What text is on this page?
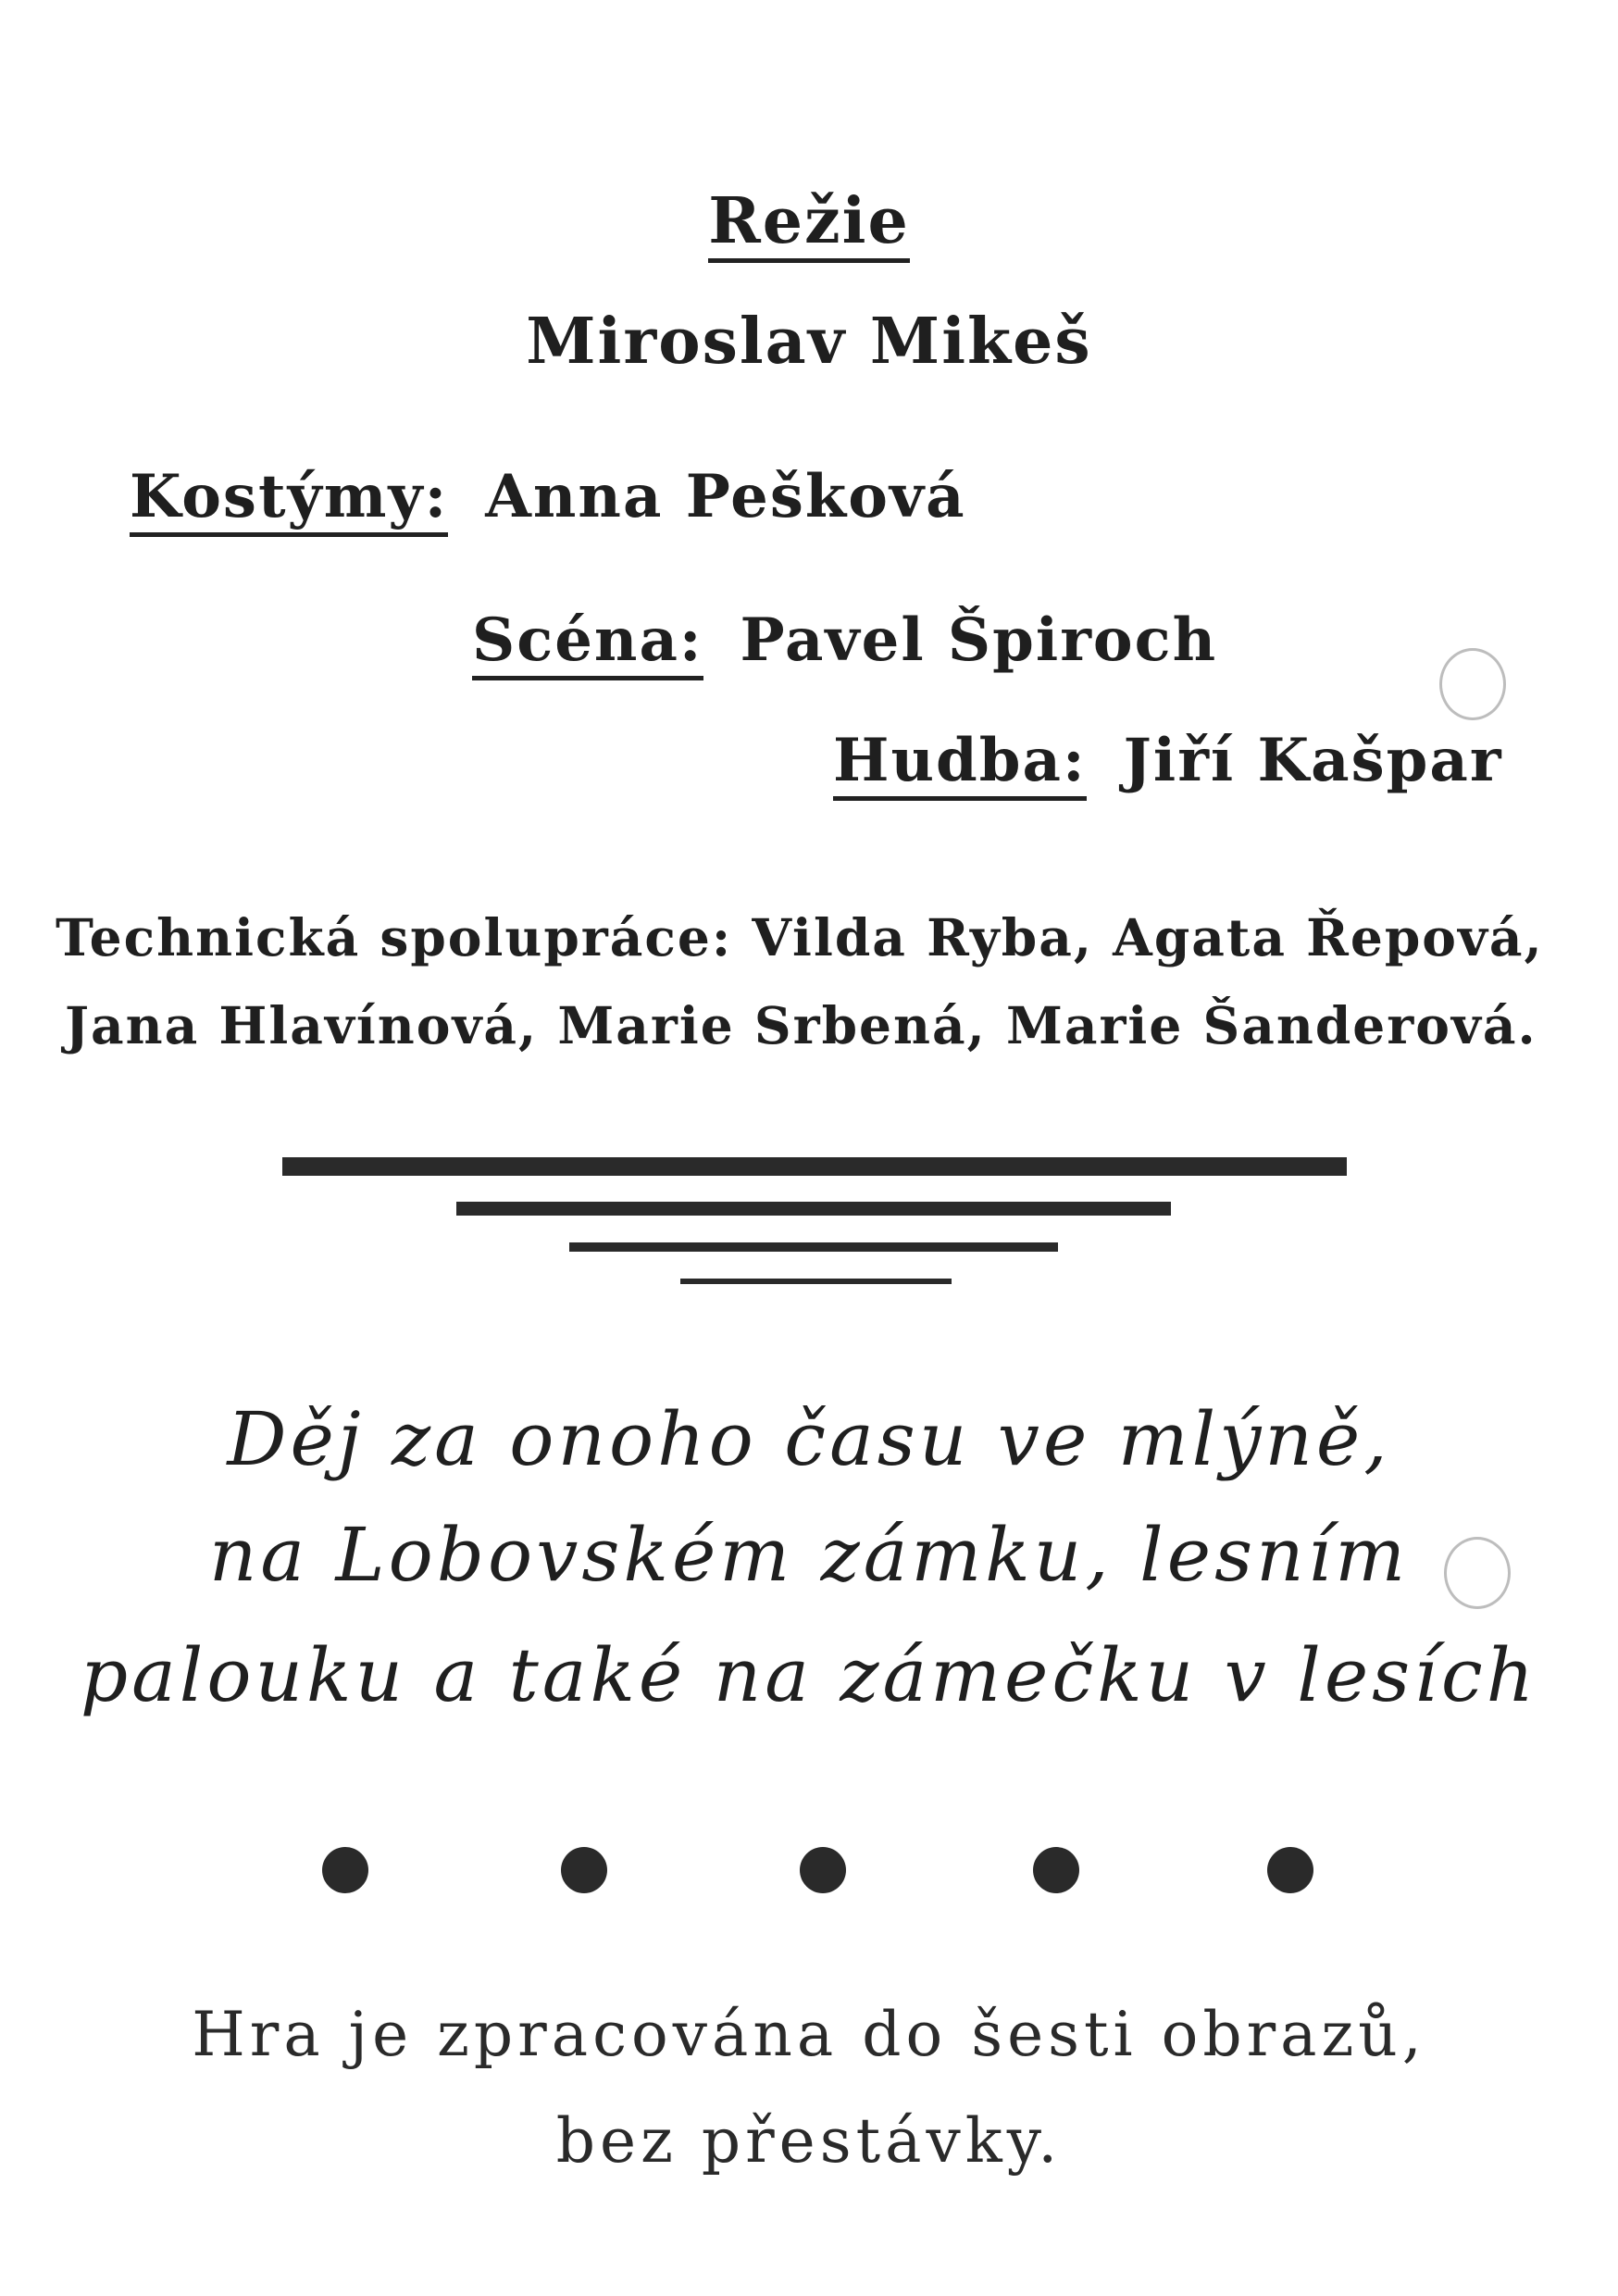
Režie
Miroslav Mikeš
Kostýmy: Anna Pešková
Scéna: Pavel Špiroch
Hudba: Jiří Kašpar
Technická spolupráce: Vilda Ryba, Agata Řepová,
Jana Hlavínová, Marie Srbená, Marie Šanderová.
Děj za onoho času ve mlýně,
na Lobovském zámku, lesním
palouku a také na zámečku v lesích
Hra je zpracována do šesti obrazů,
bez přestávky.
